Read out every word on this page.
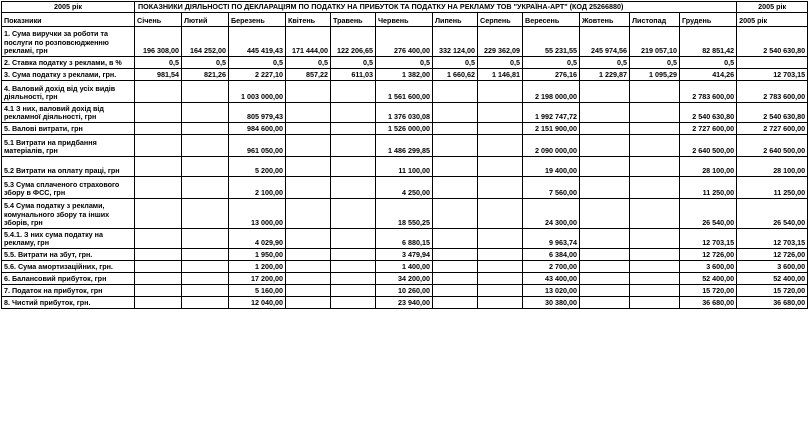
2005 рік	ПОКАЗНИКИ ДІЯЛЬНОСТІ ПО ДЕКЛАРАЦІЯМ ПО ПОДАТКУ НА ПРИБУТОК ТА ПОДАТКУ НА РЕКЛАМУ ТОВ "УКРАЇНА-АРТ" (КОД 25266880)												2005 рік
Показники	Січень	Лютий	Березень	Квітень	Травень	Червень	Липень	Серпень	Вересень	Жовтень	Листопад	Грудень	2005 рік
1. Сума виручки за роботи та послуги по розповсюдженню рекламі, грн	196 308,00	164 252,00	445 419,43	171 444,00	122 206,65	276 400,00	332 124,00	229 362,09	55 231,55	245 974,56	219 057,10	82 851,42	2 540 630,80
2. Ставка податку з реклами, в %	0,5	0,5	0,5	0,5	0,5	0,5	0,5	0,5	0,5	0,5	0,5	0,5	
3. Сума податку з реклами, грн.	981,54	821,26	2 227,10	857,22	611,03	1 382,00	1 660,62	1 146,81	276,16	1 229,87	1 095,29	414,26	12 703,15
4. Валовий дохід від усіх видів діяльності, грн			1 003 000,00			1 561 600,00			2 198 000,00			2 783 600,00	2 783 600,00
4.1 З них, валовий дохід від рекламної діяльності, грн			805 979,43			1 376 030,08			1 992 747,72			2 540 630,80	2 540 630,80
5. Валові витрати, грн			984 600,00			1 526 000,00			2 151 900,00			2 727 600,00	2 727 600,00
5.1 Витрати на придбання матеріалів, грн			961 050,00			1 486 299,85			2 090 000,00			2 640 500,00	2 640 500,00
5.2 Витрати на оплату праці, грн			5 200,00			11 100,00			19 400,00			28 100,00	28 100,00
5.3 Сума сплаченого страхового збору в ФСС, грн			2 100,00			4 250,00			7 560,00			11 250,00	11 250,00
5.4 Сума податку з реклами, комунального збору та інших зборів, грн			13 000,00			18 550,25			24 300,00			26 540,00	26 540,00
5.4.1. З них сума податку на рекламу, грн			4 029,90			6 880,15			9 963,74			12 703,15	12 703,15
5.5. Витрати на збут, грн.			1 950,00			3 479,94			6 384,00			12 726,00	12 726,00
5.6. Сума амортизаційних, грн.			1 200,00			1 400,00			2 700,00			3 600,00	3 600,00
6. Балансовий прибуток, грн			17 200,00			34 200,00			43 400,00			52 400,00	52 400,00
7. Податок на прибуток, грн			5 160,00			10 260,00			13 020,00			15 720,00	15 720,00
8. Чистий прибуток, грн.			12 040,00			23 940,00			30 380,00			36 680,00	36 680,00
